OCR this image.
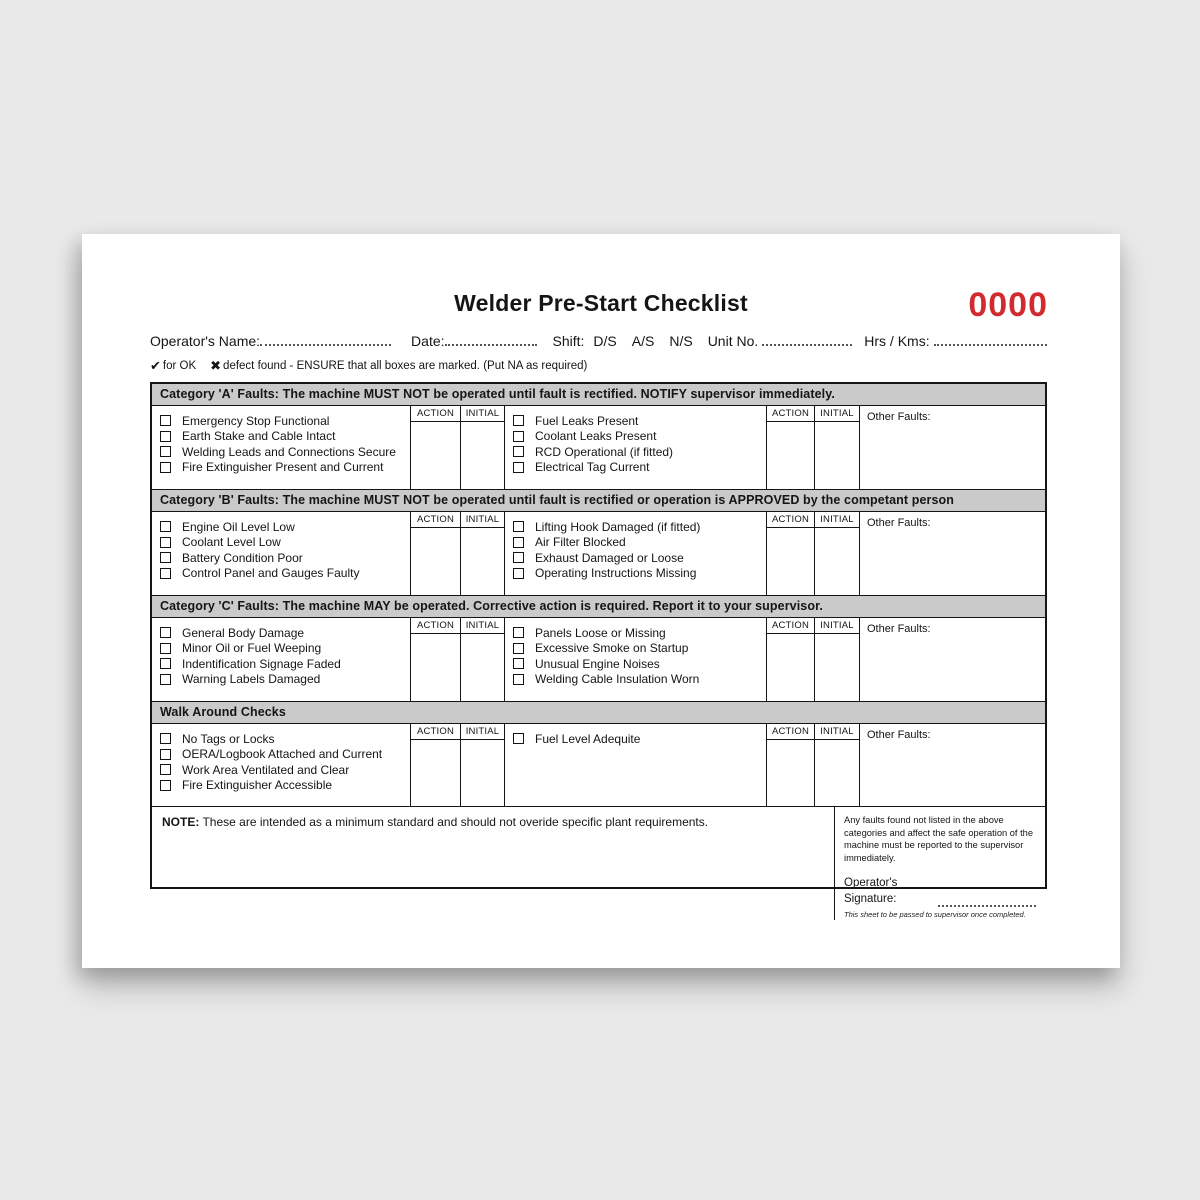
Welder Pre-Start Checklist	0000
Operator's Name:	Date:	Shift: D/S A/S N/S Unit No.	Hrs / Kms:
✔ for OK ✖ defect found - ENSURE that all boxes are marked. (Put NA as required)
Category 'A' Faults: The machine MUST NOT be operated until fault is rectified. NOTIFY supervisor immediately.
Emergency Stop Functional
Earth Stake and Cable Intact
Welding Leads and Connections Secure
Fire Extinguisher Present and Current
ACTION	INITIAL
Fuel Leaks Present
Coolant Leaks Present
RCD Operational (if fitted)
Electrical Tag Current
ACTION	INITIAL	Other Faults:
Category 'B' Faults: The machine MUST NOT be operated until fault is rectified or operation is APPROVED by the competant person
Engine Oil Level Low
Coolant Level Low
Battery Condition Poor
Control Panel and Gauges Faulty
ACTION	INITIAL
Lifting Hook Damaged (if fitted)
Air Filter Blocked
Exhaust Damaged or Loose
Operating Instructions Missing
ACTION	INITIAL	Other Faults:
Category 'C' Faults: The machine MAY be operated. Corrective action is required. Report it to your supervisor.
General Body Damage
Minor Oil or Fuel Weeping
Indentification Signage Faded
Warning Labels Damaged
ACTION	INITIAL
Panels Loose or Missing
Excessive Smoke on Startup
Unusual Engine Noises
Welding Cable Insulation Worn
ACTION	INITIAL	Other Faults:
Walk Around Checks
No Tags or Locks
OERA/Logbook Attached and Current
Work Area Ventilated and Clear
Fire Extinguisher Accessible
ACTION	INITIAL
Fuel Level Adequite
ACTION	INITIAL	Other Faults:
NOTE: These are intended as a minimum standard and should not overide specific plant requirements.	Any faults found not listed in the above categories and affect the safe operation of the machine must be reported to the supervisor immediately.
Operator's Signature:
This sheet to be passed to supervisor once completed.
